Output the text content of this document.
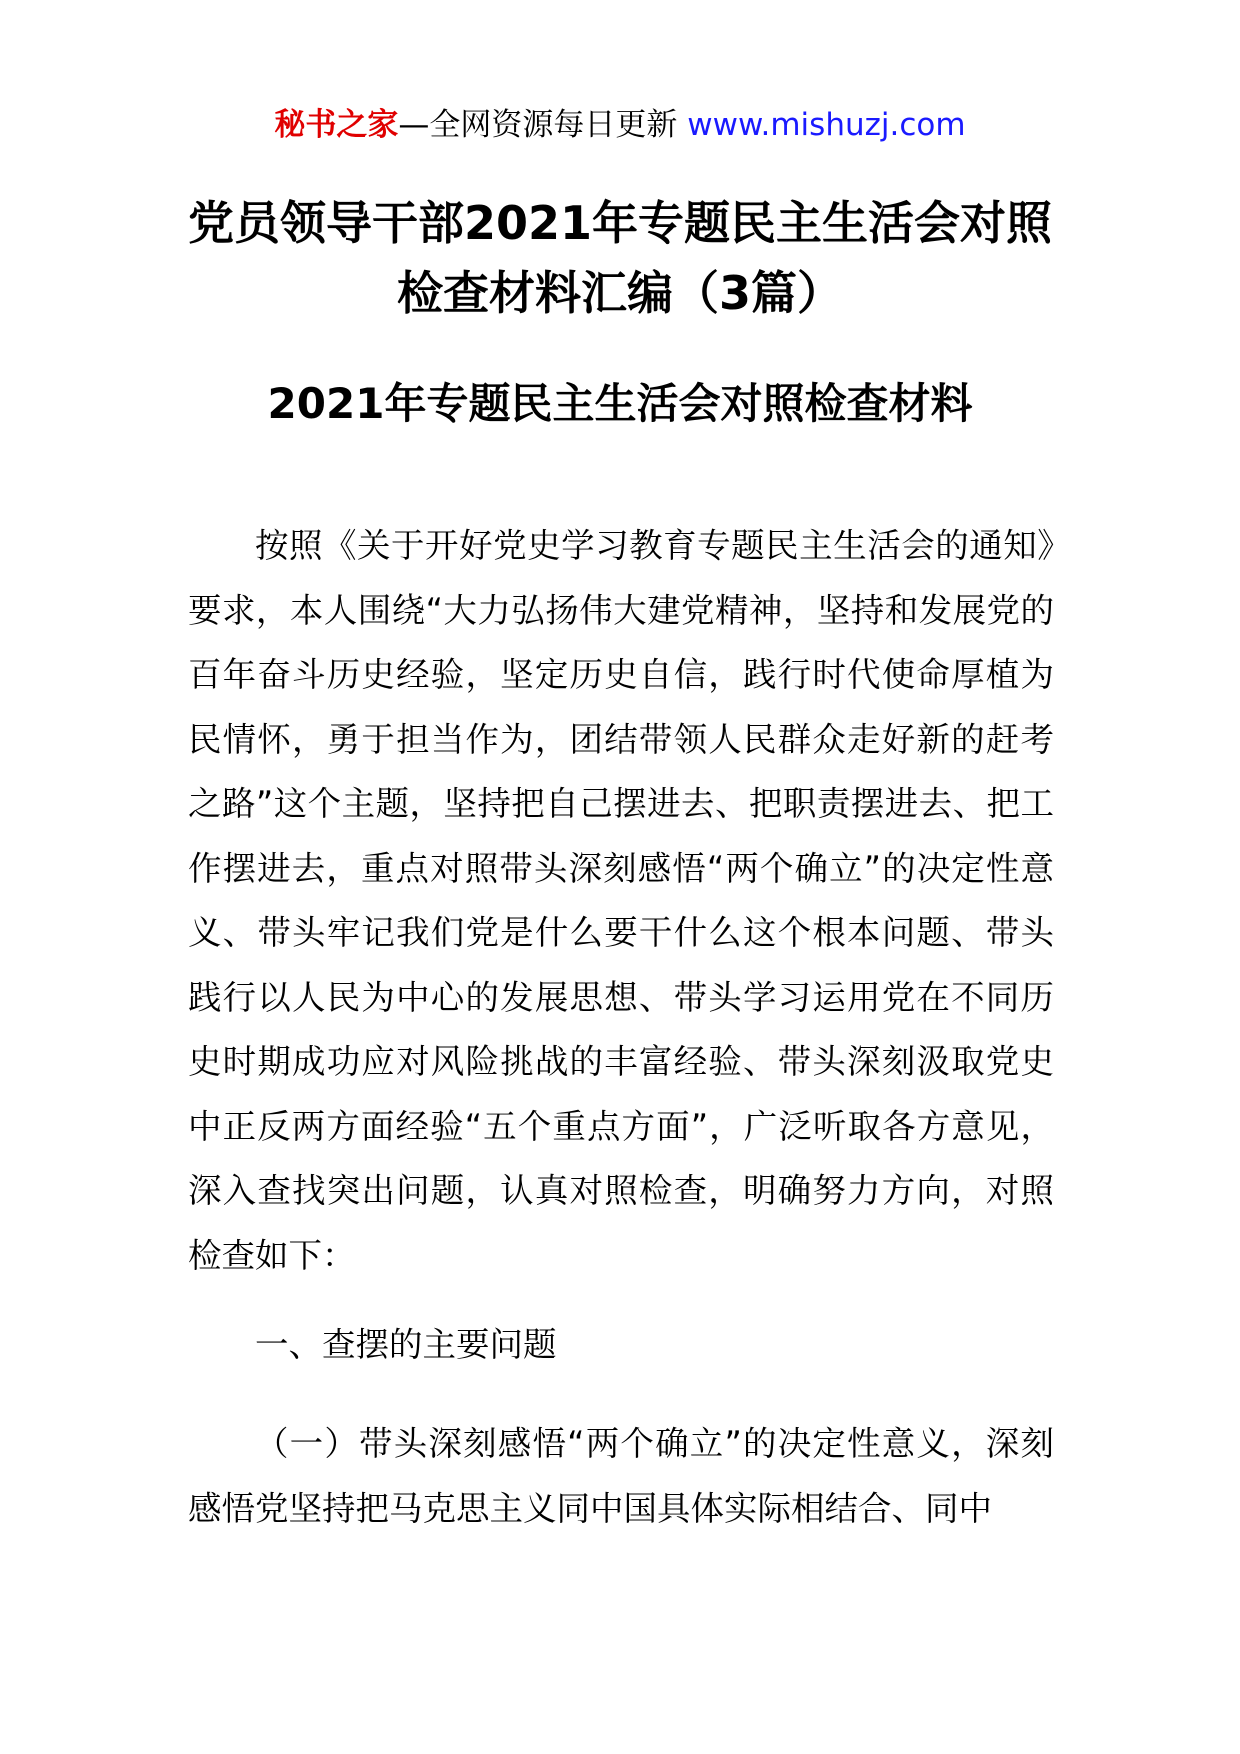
秘书之家—全网资源每日更新 www.mishuzj.com
党员领导干部2021年专题民主生活会对照检查材料汇编（3篇）
2021年专题民主生活会对照检查材料

按照《关于开好党史学习教育专题民主生活会的通知》要求，本人围绕“大力弘扬伟大建党精神，坚持和发展党的百年奋斗历史经验，坚定历史自信，践行时代使命厚植为民情怀，勇于担当作为，团结带领人民群众走好新的赶考之路”这个主题，坚持把自己摆进去、把职责摆进去、把工作摆进去，重点对照带头深刻感悟“两个确立”的决定性意义、带头牢记我们党是什么要干什么这个根本问题、带头践行以人民为中心的发展思想、带头学习运用党在不同历史时期成功应对风险挑战的丰富经验、带头深刻汲取党史中正反两方面经验“五个重点方面”，广泛听取各方意见，深入查找突出问题，认真对照检查，明确努力方向，对照检查如下：

一、查摆的主要问题

（一）带头深刻感悟“两个确立”的决定性意义，深刻感悟党坚持把马克思主义同中国具体实际相结合、同中
